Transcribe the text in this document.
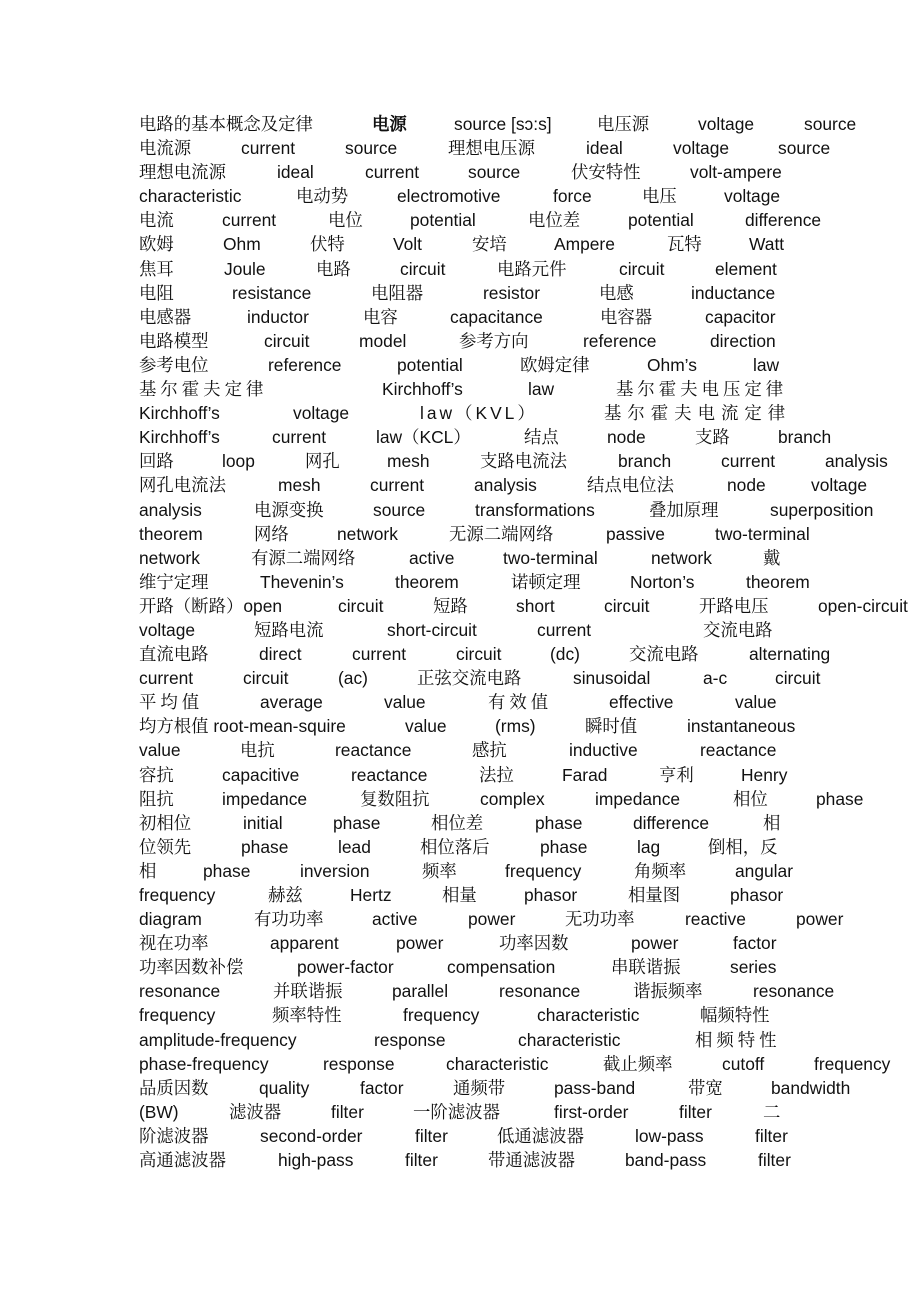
电路的基本概念及定律	电源	source [sɔ:s]	电压源	voltage	source
电流源	current	source	理想电压源	ideal	voltage	source
理想电流源	ideal	current	source	伏安特性	volt-ampere
characteristic	电动势	electromotive	force	电压	voltage
电流	current	电位	potential	电位差	potential	difference
欧姆	Ohm	伏特	Volt	安培	Ampere	瓦特	Watt
焦耳	Joule	电路	circuit	电路元件	circuit	element
电阻	resistance	电阻器	resistor	电感	inductance
电感器	inductor	电容	capacitance	电容器	capacitor
电路模型	circuit	model	参考方向	reference	direction
参考电位	reference	potential	欧姆定律	Ohm’s	law
基尔霍夫定律	Kirchhoff’s	law	基尔霍夫电压定律
Kirchhoff’s	voltage	law（KVL）	基尔霍夫电流定律
Kirchhoff’s	current	law（KCL）	结点	node	支路	branch
回路	loop	网孔	mesh	支路电流法	branch	current	analysis
网孔电流法	mesh	current	analysis	结点电位法	node	voltage
analysis	电源变换	source	transformations	叠加原理	superposition
theorem	网络	network	无源二端网络	passive	two-terminal
network	有源二端网络	active	two-terminal	network	戴
维宁定理	Thevenin’s	theorem	诺顿定理	Norton’s	theorem
开路（断路）open	circuit	短路	short	circuit	开路电压	open-circuit
voltage	短路电流	short-circuit	current	交流电路
直流电路	direct	current	circuit	(dc)	交流电路	alternating
current	circuit	(ac)	正弦交流电路	sinusoidal	a-c	circuit
平均值	average	value	有效值	effective	value
均方根值 root-mean-squire	value	(rms)	瞬时值	instantaneous
value	电抗	reactance	感抗	inductive	reactance
容抗	capacitive	reactance	法拉	Farad	亨利	Henry
阻抗	impedance	复数阻抗	complex	impedance	相位	phase
初相位	initial	phase	相位差	phase	difference	相
位领先	phase	lead	相位落后	phase	lag	倒相，反
相	phase	inversion	频率	frequency	角频率	angular
frequency	赫兹	Hertz	相量	phasor	相量图	phasor
diagram	有功功率	active	power	无功功率	reactive	power
视在功率	apparent	power	功率因数	power	factor
功率因数补偿	power-factor	compensation	串联谐振	series
resonance	并联谐振	parallel	resonance	谐振频率	resonance
frequency	频率特性	frequency	characteristic	幅频特性
amplitude-frequency	response	characteristic	相频特性
phase-frequency	response	characteristic	截止频率	cutoff	frequency
品质因数	quality	factor	通频带	pass-band	带宽	bandwidth
(BW)	滤波器	filter	一阶滤波器	first-order	filter	二
阶滤波器	second-order	filter	低通滤波器	low-pass	filter
高通滤波器	high-pass	filter	带通滤波器	band-pass	filter
